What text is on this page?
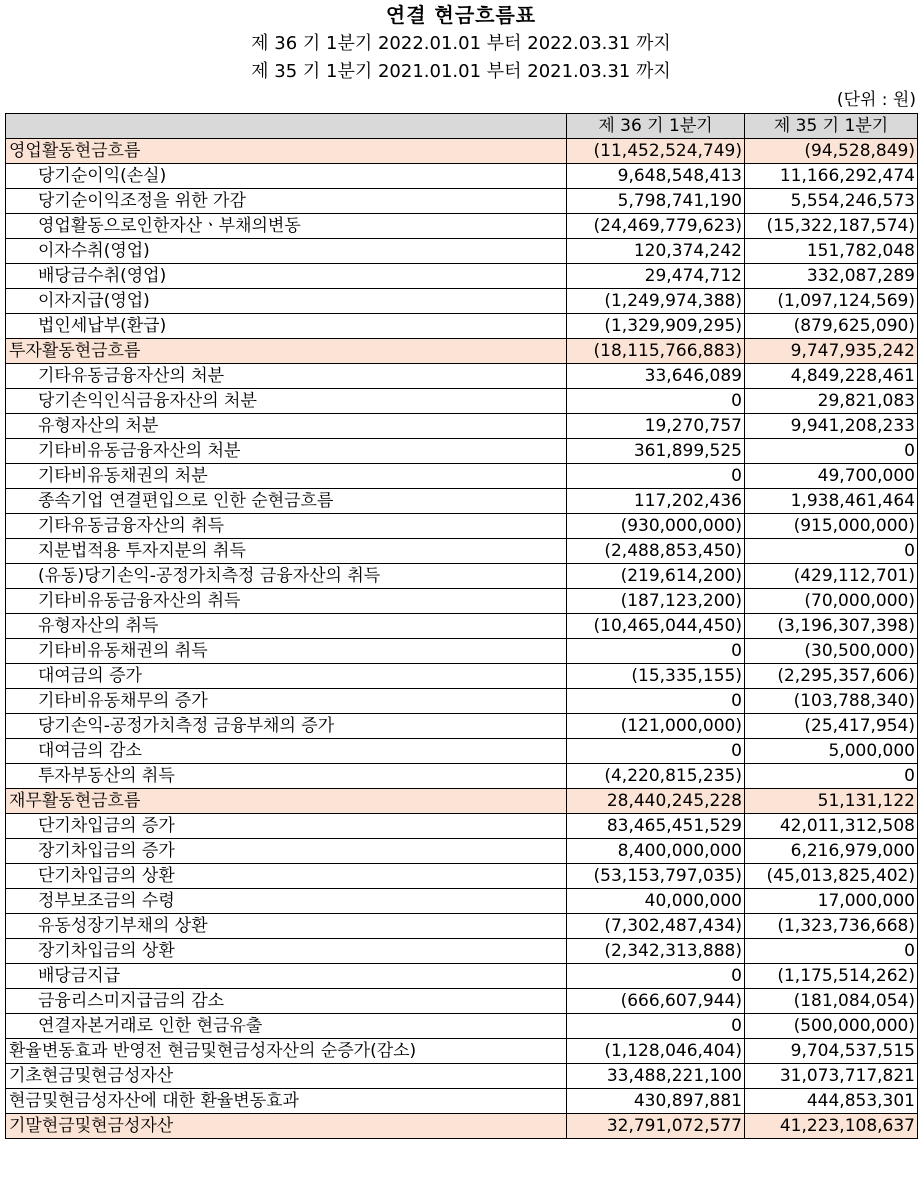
연결 현금흐름표
제 36 기 1분기 2022.01.01 부터 2022.03.31 까지
제 35 기 1분기 2021.01.01 부터 2021.03.31 까지
(단위 : 원)
	제 36 기 1분기	제 35 기 1분기
영업활동현금흐름	(11,452,524,749)	(94,528,849)
당기순이익(손실)	9,648,548,413	11,166,292,474
당기순이익조정을 위한 가감	5,798,741,190	5,554,246,573
영업활동으로인한자산ㆍ부채의변동	(24,469,779,623)	(15,322,187,574)
이자수취(영업)	120,374,242	151,782,048
배당금수취(영업)	29,474,712	332,087,289
이자지급(영업)	(1,249,974,388)	(1,097,124,569)
법인세납부(환급)	(1,329,909,295)	(879,625,090)
투자활동현금흐름	(18,115,766,883)	9,747,935,242
기타유동금융자산의 처분	33,646,089	4,849,228,461
당기손익인식금융자산의 처분	0	29,821,083
유형자산의 처분	19,270,757	9,941,208,233
기타비유동금융자산의 처분	361,899,525	0
기타비유동채권의 처분	0	49,700,000
종속기업 연결편입으로 인한 순현금흐름	117,202,436	1,938,461,464
기타유동금융자산의 취득	(930,000,000)	(915,000,000)
지분법적용 투자지분의 취득	(2,488,853,450)	0
(유동)당기손익-공정가치측정 금융자산의 취득	(219,614,200)	(429,112,701)
기타비유동금융자산의 취득	(187,123,200)	(70,000,000)
유형자산의 취득	(10,465,044,450)	(3,196,307,398)
기타비유동채권의 취득	0	(30,500,000)
대여금의 증가	(15,335,155)	(2,295,357,606)
기타비유동채무의 증가	0	(103,788,340)
당기손익-공정가치측정 금융부채의 증가	(121,000,000)	(25,417,954)
대여금의 감소	0	5,000,000
투자부동산의 취득	(4,220,815,235)	0
재무활동현금흐름	28,440,245,228	51,131,122
단기차입금의 증가	83,465,451,529	42,011,312,508
장기차입금의 증가	8,400,000,000	6,216,979,000
단기차입금의 상환	(53,153,797,035)	(45,013,825,402)
정부보조금의 수령	40,000,000	17,000,000
유동성장기부채의 상환	(7,302,487,434)	(1,323,736,668)
장기차입금의 상환	(2,342,313,888)	0
배당금지급	0	(1,175,514,262)
금융리스미지급금의 감소	(666,607,944)	(181,084,054)
연결자본거래로 인한 현금유출	0	(500,000,000)
환율변동효과 반영전 현금및현금성자산의 순증가(감소)	(1,128,046,404)	9,704,537,515
기초현금및현금성자산	33,488,221,100	31,073,717,821
현금및현금성자산에 대한 환율변동효과	430,897,881	444,853,301
기말현금및현금성자산	32,791,072,577	41,223,108,637
